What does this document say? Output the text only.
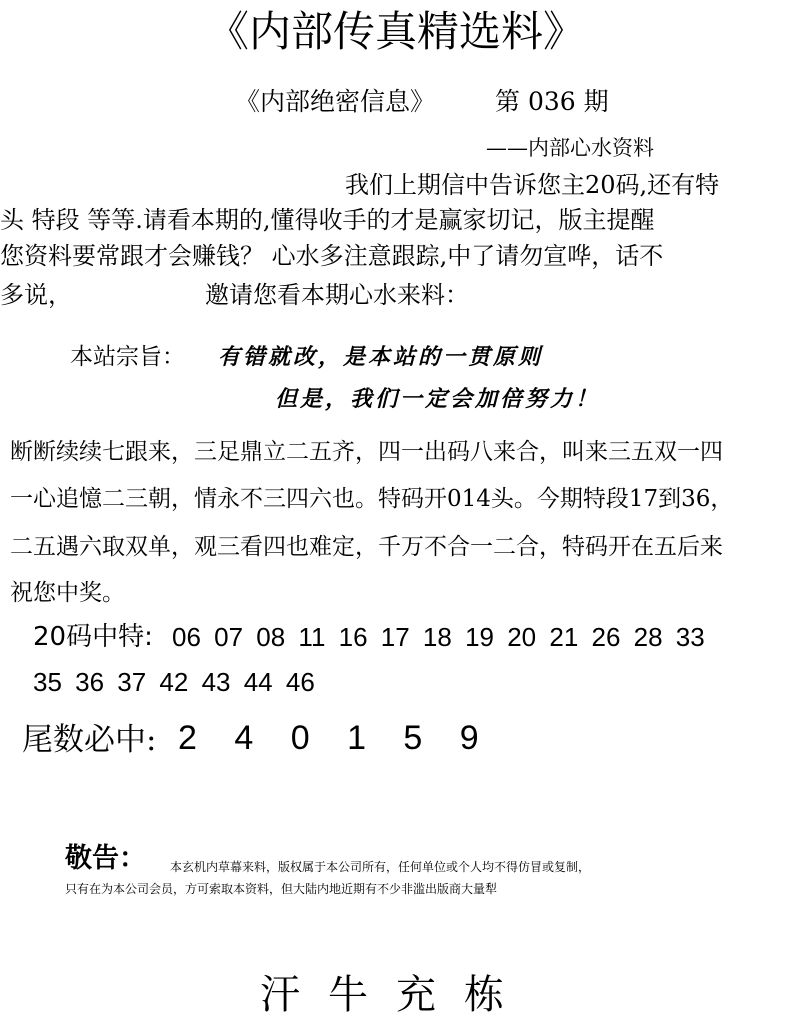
《内部传真精选料》
《内部绝密信息》 第 036 期
——内部心水资料
我们上期信中告诉您主20码,还有特
头 特段 等等.请看本期的,懂得收手的才是赢家切记，版主提醒
您资料要常跟才会赚钱？ 心水多注意跟踪,中了请勿宣哗，话不
多说，	邀请您看本期心水来料：
本站宗旨： 有错就改，是本站的一贯原则
但是，我们一定会加倍努力！
断断续续七跟来，三足鼎立二五齐，四一出码八来合，叫来三五双一四
一心追憶二三朝，情永不三四六也。特码开014头。今期特段17到36，
二五遇六取双单，观三看四也难定，千万不合一二合，特码开在五后来
祝您中奖。
20码中特: 06 07 08 11 16 17 18 19 20 21 26 28 33
35 36 37 42 43 44 46
尾数必中: 2 4 0 1 5 9
敬告： 本玄机内草幕来料，版权属于本公司所有，任何单位或个人均不得仿冒或复制，
只有在为本公司会员，方可索取本资料，但大陆内地近期有不少非滥出版商大量犁
汗牛充栋
